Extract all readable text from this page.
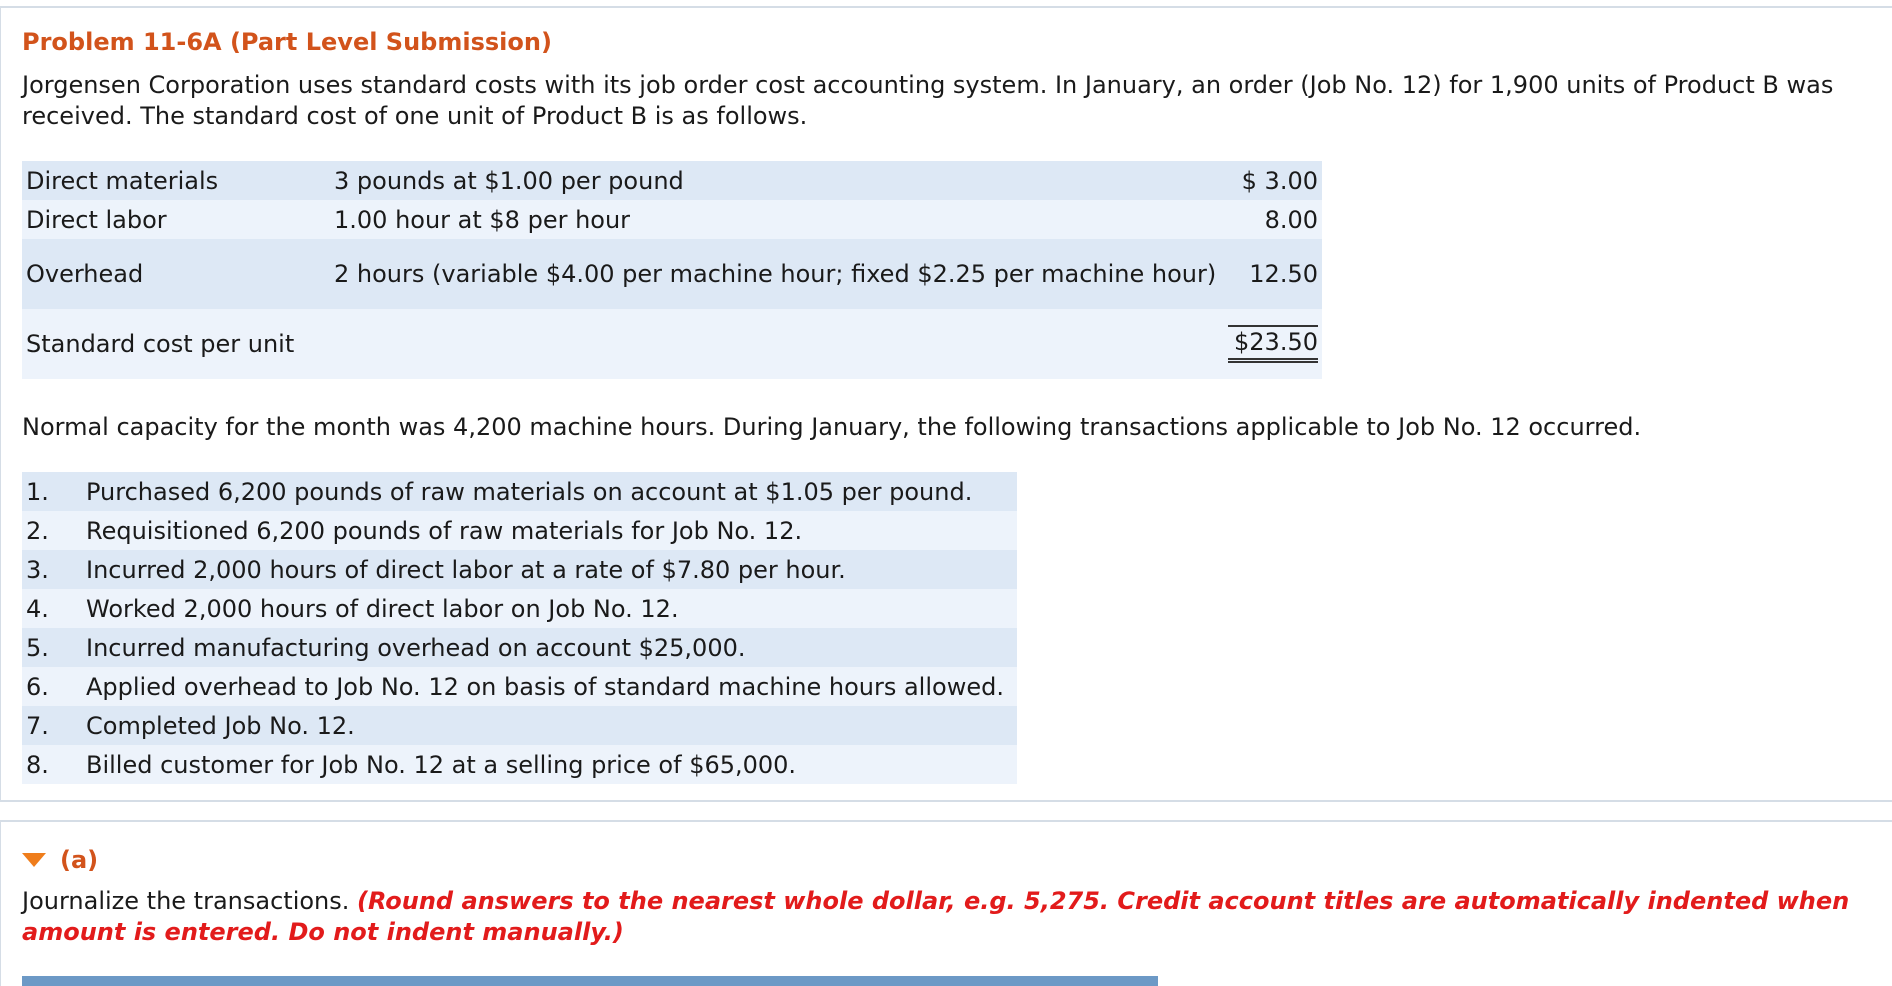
Problem 11-6A (Part Level Submission)

Jorgensen Corporation uses standard costs with its job order cost accounting system. In January, an order (Job No. 12) for 1,900 units of Product B was received. The standard cost of one unit of Product B is as follows.

Direct materials	3 pounds at $1.00 per pound	$ 3.00
Direct labor	1.00 hour at $8 per hour	8.00
Overhead	2 hours (variable $4.00 per machine hour; fixed $2.25 per machine hour)	12.50
Standard cost per unit		$23.50

Normal capacity for the month was 4,200 machine hours. During January, the following transactions applicable to Job No. 12 occurred.

1.	Purchased 6,200 pounds of raw materials on account at $1.05 per pound.
2.	Requisitioned 6,200 pounds of raw materials for Job No. 12.
3.	Incurred 2,000 hours of direct labor at a rate of $7.80 per hour.
4.	Worked 2,000 hours of direct labor on Job No. 12.
5.	Incurred manufacturing overhead on account $25,000.
6.	Applied overhead to Job No. 12 on basis of standard machine hours allowed.
7.	Completed Job No. 12.
8.	Billed customer for Job No. 12 at a selling price of $65,000.
(a)

Journalize the transactions. (Round answers to the nearest whole dollar, e.g. 5,275. Credit account titles are automatically indented when amount is entered. Do not indent manually.)
